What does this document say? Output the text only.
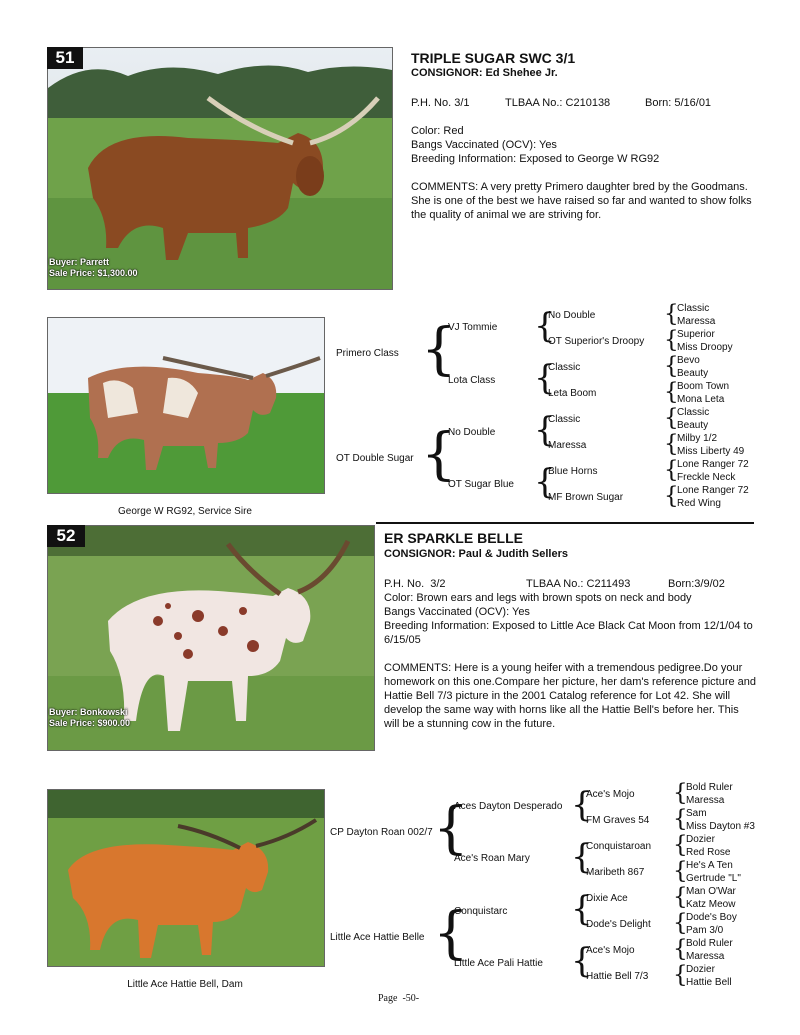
51
Buyer: Parrett
Sale Price: $1,300.00
TRIPLE SUGAR SWC 3/1
CONSIGNOR: Ed Shehee Jr.
P.H. No. 3/1	TLBAA No.: C210138	Born: 5/16/01
Color: Red
Bangs Vaccinated (OCV): Yes
Breeding Information: Exposed to George W RG92
COMMENTS: A very pretty Primero daughter bred by the Goodmans. She is one of the best we have raised so far and wanted to show folks the quality of animal we are striving for.
George W RG92, Service Sire
Primero Class
OT Double Sugar
{
{
VJ Tommie
Lota Class
No Double
OT Sugar Blue
{
{
{
{
No Double
OT Superior's Droopy
Classic
Leta Boom
Classic
Maressa
Blue Horns
MF Brown Sugar
{
{
{
{
{
{
{
{
Classic
Maressa
Superior
Miss Droopy
Bevo
Beauty
Boom Town
Mona Leta
Classic
Beauty
Milby 1/2
Miss Liberty 49
Lone Ranger 72
Freckle Neck
Lone Ranger 72
Red Wing
52
Buyer: Bonkowski
Sale Price: $900.00
ER SPARKLE BELLE
CONSIGNOR: Paul & Judith Sellers
P.H. No.  3/2	TLBAA No.: C211493	Born:3/9/02
Color: Brown ears and legs with brown spots on neck and body
Bangs Vaccinated (OCV): Yes
Breeding Information: Exposed to Little Ace Black Cat Moon from 12/1/04 to 6/15/05
COMMENTS: Here is a young heifer with a tremendous pedigree.Do your homework on this one.Compare her picture, her dam's reference picture and Hattie Bell 7/3 picture in the 2001 Catalog reference for Lot 42. She will develop the same way with horns like all the Hattie Bell's before her. This will be a stunning cow in the future.
Little Ace Hattie Bell, Dam
CP Dayton Roan 002/7
Little Ace Hattie Belle
{
{
Aces Dayton Desperado
Ace's Roan Mary
Conquistarc
Little Ace Pali Hattie
{
{
{
{
Ace's Mojo
FM Graves 54
Conquistaroan
Maribeth 867
Dixie Ace
Dode's Delight
Ace's Mojo
Hattie Bell 7/3
{
{
{
{
{
{
{
{
Bold Ruler
Maressa
Sam
Miss Dayton #3
Dozier
Red Rose
He's A Ten
Gertrude "L"
Man O'War
Katz Meow
Dode's Boy
Pam 3/0
Bold Ruler
Maressa
Dozier
Hattie Bell
Page  -50-
